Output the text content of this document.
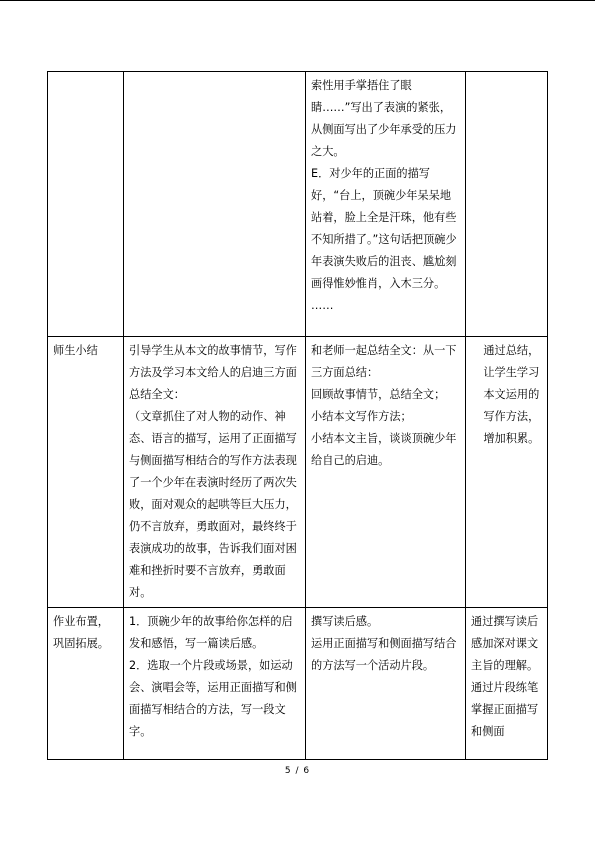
		索性用手掌捂住了眼睛……”写出了表演的紧张，从侧面写出了少年承受的压力之大。
E．对少年的正面的描写好，“台上，顶碗少年呆呆地站着，脸上全是汗珠，他有些不知所措了。”这句话把顶碗少年表演失败后的沮丧、尴尬刻画得惟妙惟肖，入木三分。
……	

师生小结	引导学生从本文的故事情节，写作方法及学习本文给人的启迪三方面总结全文：
（文章抓住了对人物的动作、神态、语言的描写，运用了正面描写与侧面描写相结合的写作方法表现了一个少年在表演时经历了两次失败，面对观众的起哄等巨大压力，仍不言放弃，勇敢面对，最终终于表演成功的故事，告诉我们面对困难和挫折时要不言放弃，勇敢面对。	和老师一起总结全文：从一下三方面总结：
回顾故事情节，总结全文；
小结本文写作方法；
小结本文主旨，谈谈顶碗少年给自己的启迪。	通过总结，让学生学习本文运用的写作方法，增加积累。

作业布置，巩固拓展。	1．顶碗少年的故事给你怎样的启发和感悟，写一篇读后感。
2．选取一个片段或场景，如运动会、演唱会等，运用正面描写和侧面描写相结合的方法，写一段文字。	撰写读后感。
运用正面描写和侧面描写结合的方法写一个活动片段。	通过撰写读后感加深对课文主旨的理解。
通过片段练笔掌握正面描写和侧面
5 / 6
